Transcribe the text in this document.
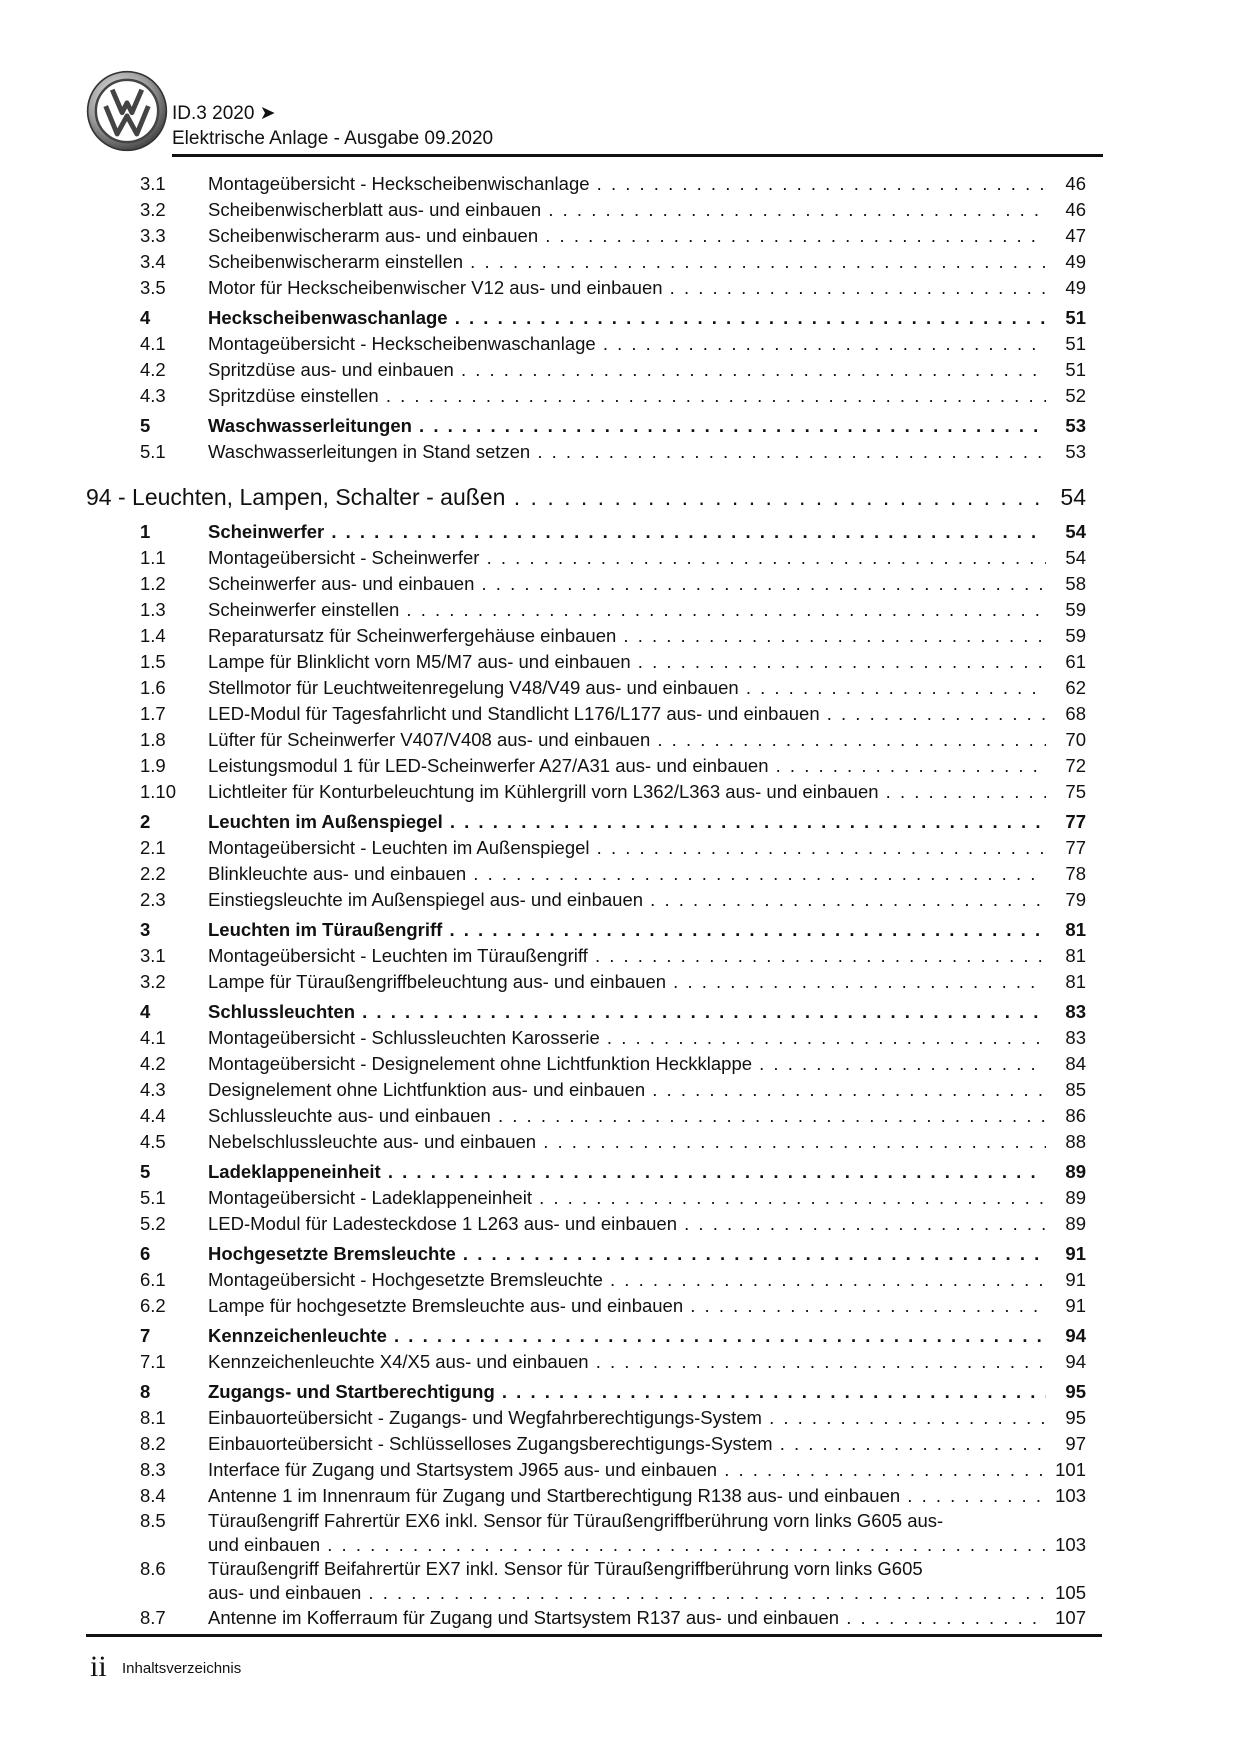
ID.3 2020 ➤
Elektrische Anlage - Ausgabe 09.2020
3.1 Montageübersicht - Heckscheibenwischanlage . . .	46
3.2 Scheibenwischerblatt aus- und einbauen . . .	46
3.3 Scheibenwischerarm aus- und einbauen . . .	47
3.4 Scheibenwischerarm einstellen . . .	49
3.5 Motor für Heckscheibenwischer V12 aus- und einbauen . . .	49
4	Heckscheibenwaschanlage . . .	51
4.1 Montageübersicht - Heckscheibenwaschanlage . . .	51
4.2 Spritzdüse aus- und einbauen . . .	51
4.3 Spritzdüse einstellen . . .	52
5	Waschwasserleitungen . . .	53
5.1 Waschwasserleitungen in Stand setzen . . .	53
94 - Leuchten, Lampen, Schalter - außen . . .	54
1	Scheinwerfer . . .	54
1.1 Montageübersicht - Scheinwerfer . . .	54
1.2 Scheinwerfer aus- und einbauen . . .	58
1.3 Scheinwerfer einstellen . . .	59
1.4 Reparatursatz für Scheinwerfergehäuse einbauen . . .	59
1.5 Lampe für Blinklicht vorn M5/M7 aus- und einbauen . . .	61
1.6 Stellmotor für Leuchtweitenregelung V48/V49 aus- und einbauen . . .	62
1.7 LED-Modul für Tagesfahrlicht und Standlicht L176/L177 aus- und einbauen . . .	68
1.8 Lüfter für Scheinwerfer V407/V408 aus- und einbauen . . .	70
1.9 Leistungsmodul 1 für LED-Scheinwerfer A27/A31 aus- und einbauen . . .	72
1.10 Lichtleiter für Konturbeleuchtung im Kühlergrill vorn L362/L363 aus- und einbauen . . .	75
2	Leuchten im Außenspiegel . . .	77
2.1 Montageübersicht - Leuchten im Außenspiegel . . .	77
2.2 Blinkleuchte aus- und einbauen . . .	78
2.3 Einstiegsleuchte im Außenspiegel aus- und einbauen . . .	79
3	Leuchten im Türaußengriff . . .	81
3.1 Montageübersicht - Leuchten im Türaußengriff . . .	81
3.2 Lampe für Türaußengriffbeleuchtung aus- und einbauen . . .	81
4	Schlussleuchten . . .	83
4.1 Montageübersicht - Schlussleuchten Karosserie . . .	83
4.2 Montageübersicht - Designelement ohne Lichtfunktion Heckklappe . . .	84
4.3 Designelement ohne Lichtfunktion aus- und einbauen . . .	85
4.4 Schlussleuchte aus- und einbauen . . .	86
4.5 Nebelschlussleuchte aus- und einbauen . . .	88
5	Ladeklappeneinheit . . .	89
5.1 Montageübersicht - Ladeklappeneinheit . . .	89
5.2 LED-Modul für Ladesteckdose 1 L263 aus- und einbauen . . .	89
6	Hochgesetzte Bremsleuchte . . .	91
6.1 Montageübersicht - Hochgesetzte Bremsleuchte . . .	91
6.2 Lampe für hochgesetzte Bremsleuchte aus- und einbauen . . .	91
7	Kennzeichenleuchte . . .	94
7.1 Kennzeichenleuchte X4/X5 aus- und einbauen . . .	94
8	Zugangs- und Startberechtigung . . .	95
8.1 Einbauorteübersicht - Zugangs- und Wegfahrberechtigungs-System . . .	95
8.2 Einbauorteübersicht - Schlüsselloses Zugangsberechtigungs-System . . .	97
8.3 Interface für Zugang und Startsystem J965 aus- und einbauen . . .	101
8.4 Antenne 1 im Innenraum für Zugang und Startberechtigung R138 aus- und einbauen . . .	103
8.5 Türaußengriff Fahrertür EX6 inkl. Sensor für Türaußengriffberührung vorn links G605 aus-
und einbauen . . .	103
8.6 Türaußengriff Beifahrertür EX7 inkl. Sensor für Türaußengriffberührung vorn links G605
aus- und einbauen . . .	105
8.7 Antenne im Kofferraum für Zugang und Startsystem R137 aus- und einbauen . . .	107
ii Inhaltsverzeichnis
